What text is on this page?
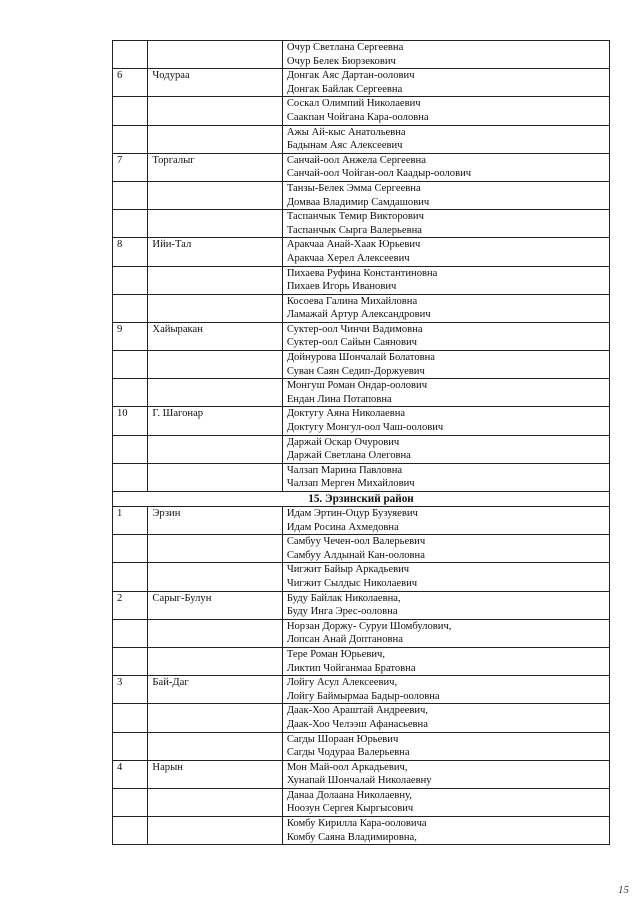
		Очур Светлана Сергеевна
Очур Белек Бюрзекович

6	Чодураа	Донгак Аяс Дартан-оолович
Донгак Байлак Сергеевна

		Соскал Олимпий Николаевич
Саакпан Чойгана Кара-ооловна

		Ажы Ай-кыс Анатольевна
Бадынам Аяс Алексеевич

7	Торгалыг	Санчай-оол Анжела Сергеевна
Санчай-оол Чойган-оол Каадыр-оолович

		Танзы-Белек Эмма Сергеевна
Домваа Владимир Самдашович

		Таспанчык Темир Викторович
Таспанчык Сырга Валерьевна

8	Ийи-Тал	Аракчаа Анай-Хаак Юрьевич
Аракчаа Херел Алексеевич

		Пихаева Руфина Константиновна
Пихаев Игорь Иванович

		Косоева Галина Михайловна
Ламажай Артур Александрович

9	Хайыракан	Суктер-оол Чинчи Вадимовна
Суктер-оол Сайын Саянович

		Дойнурова Шончалай Болатовна
Суван Саян Седип-Доржуевич

		Монгуш Роман Ондар-оолович
Ендан Лина Потаповна

10	Г. Шагонар	Доктугу Аяна Николаевна
Доктугу Монгул-оол Чаш-оолович

		Даржай Оскар Очурович
Даржай Светлана Олеговна

		Чалзап Марина Павловна
Чалзап Мерген Михайлович

15. Эрзинский район		
1	Эрзин	Идам Эртин-Оцур Бузуяевич
Идам Росина Ахмедовна

		Самбуу Чечен-оол Валерьевич
Самбуу Алдынай Кан-ооловна

		Чигжит Байыр Аркадьевич
Чигжит Сылдыс Николаевич

2	Сарыг-Булун	Буду Байлак Николаевна,
Буду Инга Эрес-ооловна

		Норзан Доржу- Суруи Шомбулович,
Лопсан Анай Доптановна

		Тере Роман Юрьевич,
Ликтип Чойганмаа Братовна

3	Бай-Даг	Лойгу Асул Алексеевич,
Лойгу Баймырмаа Бадыр-ооловна

		Даак-Хоо Араштай Андреевич,
Даак-Хоо Челээш Афанасьевна

		Сагды Шораан Юрьевич
Сагды Чодураа Валерьевна

4	Нарын	Мон Май-оол Аркадьевич,
Хунапай Шончалай Николаевну

		Данаа Долаана Николаевну,
Ноозун Сергея Кыргысович

		Комбу Кирилла Кара-ооловича
Комбу Саяна Владимировна,
15
